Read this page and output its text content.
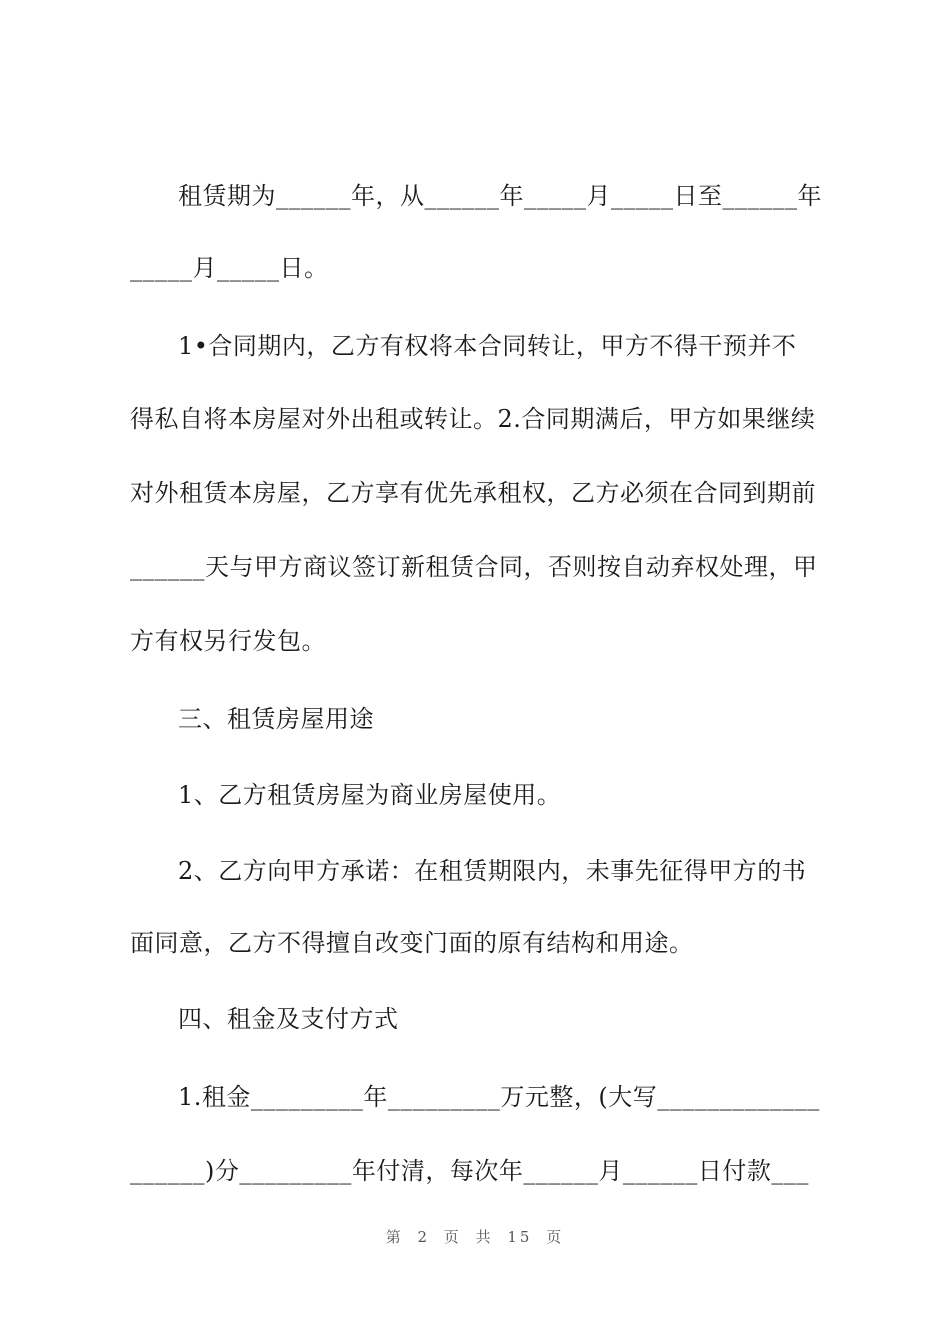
租赁期为______年，从______年_____月_____日至______年
_____月_____日。
1•合同期内，乙方有权将本合同转让，甲方不得干预并不
得私自将本房屋对外出租或转让。2.合同期满后，甲方如果继续
对外租赁本房屋，乙方享有优先承租权，乙方必须在合同到期前
______天与甲方商议签订新租赁合同，否则按自动弃权处理，甲
方有权另行发包。
三、租赁房屋用途
1、乙方租赁房屋为商业房屋使用。
2、乙方向甲方承诺：在租赁期限内，未事先征得甲方的书
面同意，乙方不得擅自改变门面的原有结构和用途。
四、租金及支付方式
1.租金_________年_________万元整，(大写_____________
______)分_________年付清，每次年______月______日付款___
第 2 页 共 15 页
